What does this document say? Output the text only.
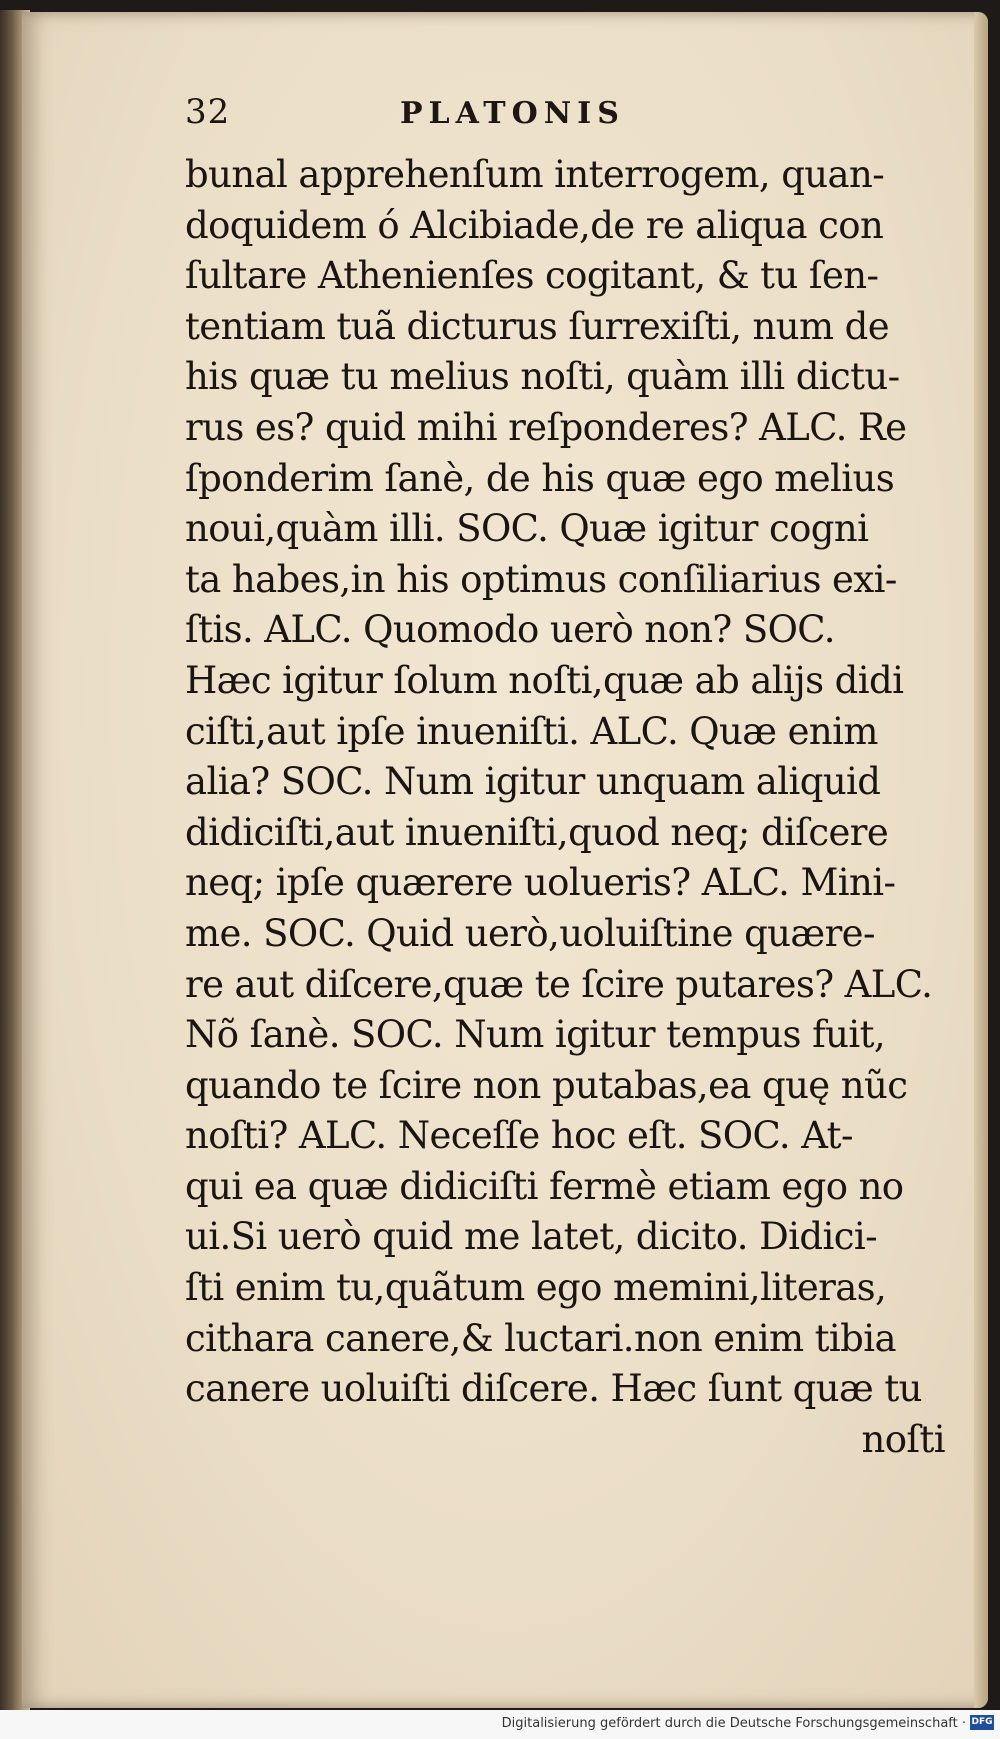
32	PLATONIS
bunal apprehenſum interrogem, quan-
doquidem ó Alcibiade,de re aliqua con
ſultare Athenienſes cogitant, & tu ſen-
tentiam tuã dicturus ſurrexiſti, num de
his quæ tu melius noſti, quàm illi dictu-
rus es? quid mihi reſponderes? ALC. Re
ſponderim ſanè, de his quæ ego melius
noui,quàm illi. SOC. Quæ igitur cogni
ta habes,in his optimus conſiliarius exi-
ſtis. ALC. Quomodo uerò non? SOC.
Hæc igitur ſolum noſti,quæ ab alijs didi
ciſti,aut ipſe inueniſti. ALC. Quæ enim
alia? SOC. Num igitur unquam aliquid
didiciſti,aut inueniſti,quod neq; diſcere
neq; ipſe quærere uolueris? ALC. Mini-
me. SOC. Quid uerò,uoluiſtine quære-
re aut diſcere,quæ te ſcire putares? ALC.
Nõ ſanè. SOC. Num igitur tempus fuit,
quando te ſcire non putabas,ea quę nũc
noſti? ALC. Neceſſe hoc eſt. SOC. At-
qui ea quæ didiciſti fermè etiam ego no
ui.Si uerò quid me latet, dicito. Didici-
ſti enim tu,quãtum ego memini,literas,
cithara canere,& luctari.non enim tibia
canere uoluiſti diſcere. Hæc ſunt quæ tu
noſti
Digitalisierung gefördert durch die Deutsche Forschungsgemeinschaft · DFG
